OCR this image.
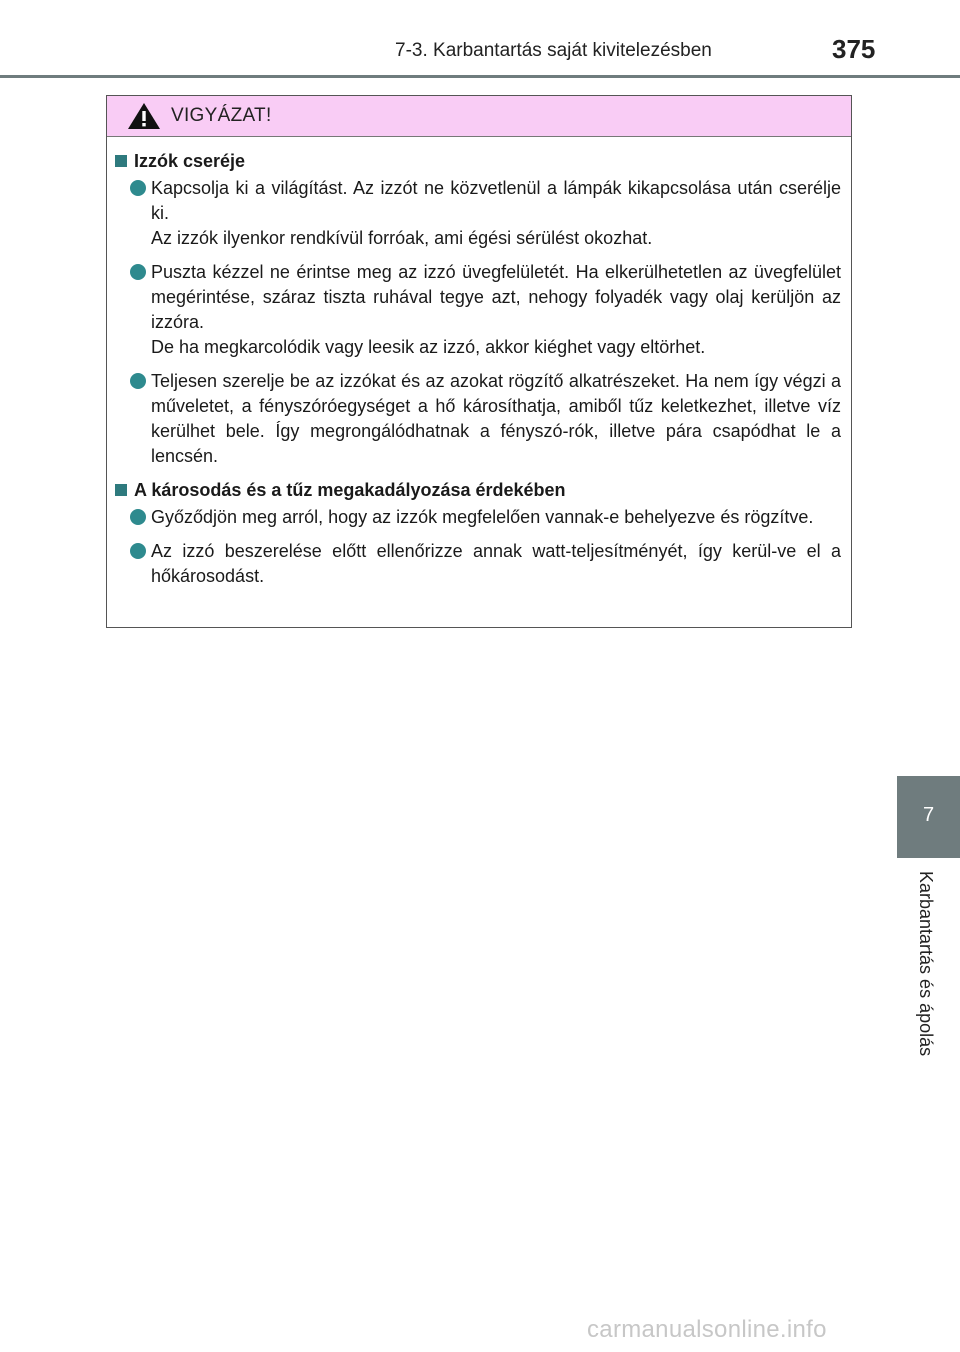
7-3. Karbantartás saját kivitelezésben	375
VIGYÁZAT!
Izzók cseréje

Kapcsolja ki a világítást. Az izzót ne közvetlenül a lámpák kikapcsolása után cserélje ki.

Az izzók ilyenkor rendkívül forróak, ami égési sérülést okozhat.

Puszta kézzel ne érintse meg az izzó üvegfelületét. Ha elkerülhetetlen az üvegfelület megérintése, száraz tiszta ruhával tegye azt, nehogy folyadék vagy olaj kerüljön az izzóra.

De ha megkarcolódik vagy leesik az izzó, akkor kiéghet vagy eltörhet.

Teljesen szerelje be az izzókat és az azokat rögzítő alkatrészeket. Ha nem így végzi a műveletet, a fényszóróegységet a hő károsíthatja, amiből tűz keletkezhet, illetve víz kerülhet bele. Így megrongálódhatnak a fényszó-rók, illetve pára csapódhat le a lencsén.

A károsodás és a tűz megakadályozása érdekében

Győződjön meg arról, hogy az izzók megfelelően vannak-e behelyezve és rögzítve.

Az izzó beszerelése előtt ellenőrizze annak watt-teljesítményét, így kerül-ve el a hőkárosodást.

7
Karbantartás és ápolás
carmanualsonline.info
